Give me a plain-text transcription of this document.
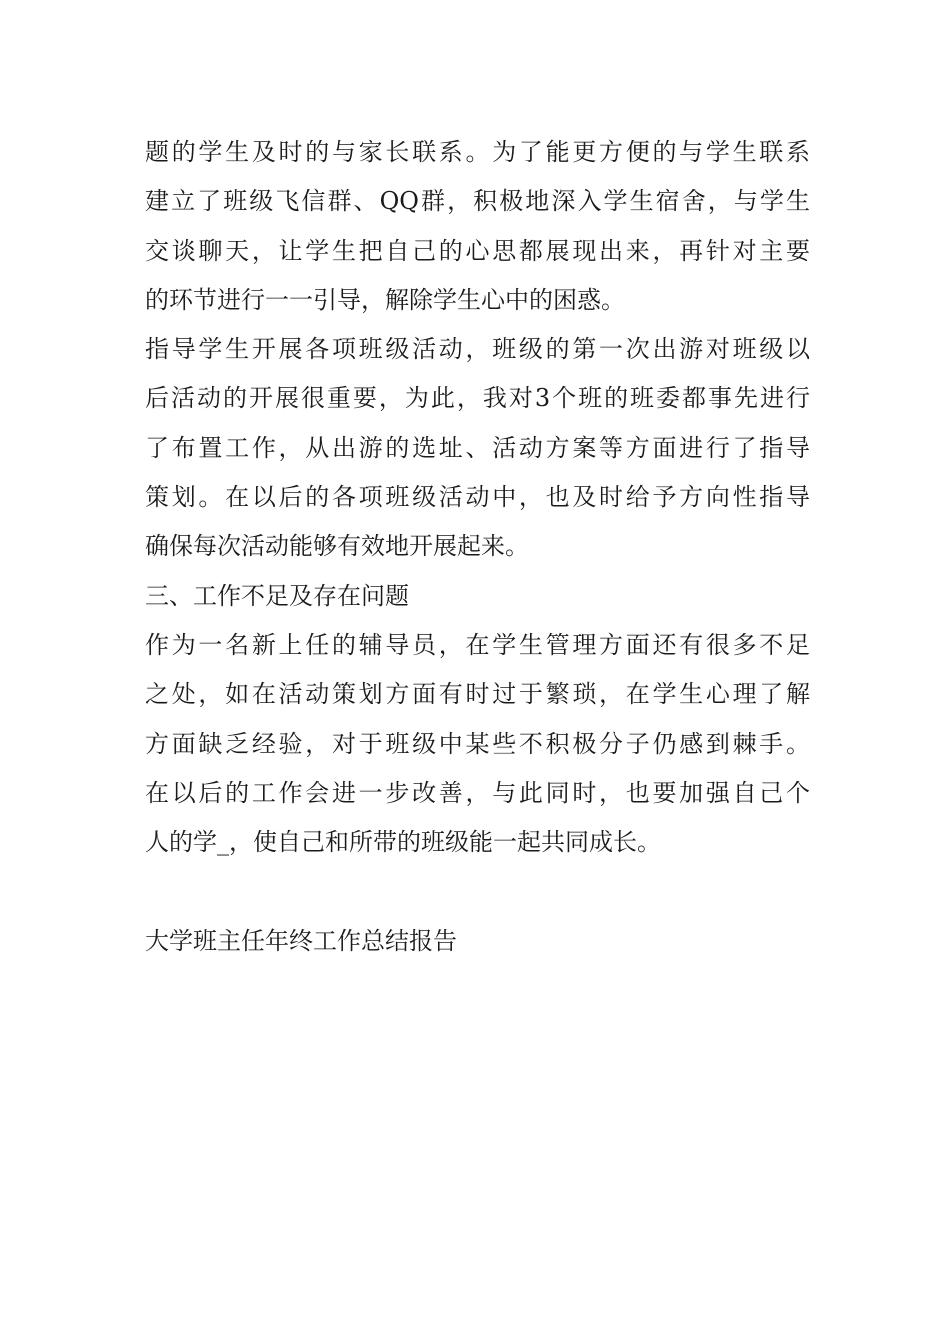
题的学生及时的与家长联系。为了能更方便的与学生联系
建立了班级飞信群、QQ群，积极地深入学生宿舍，与学生
交谈聊天，让学生把自己的心思都展现出来，再针对主要
的环节进行一一引导，解除学生心中的困惑。
指导学生开展各项班级活动，班级的第一次出游对班级以
后活动的开展很重要，为此，我对3个班的班委都事先进行
了布置工作，从出游的选址、活动方案等方面进行了指导
策划。在以后的各项班级活动中，也及时给予方向性指导
确保每次活动能够有效地开展起来。
三、工作不足及存在问题
作为一名新上任的辅导员，在学生管理方面还有很多不足
之处，如在活动策划方面有时过于繁琐，在学生心理了解
方面缺乏经验，对于班级中某些不积极分子仍感到棘手。
在以后的工作会进一步改善，与此同时，也要加强自己个
人的学_，使自己和所带的班级能一起共同成长。
大学班主任年终工作总结报告
